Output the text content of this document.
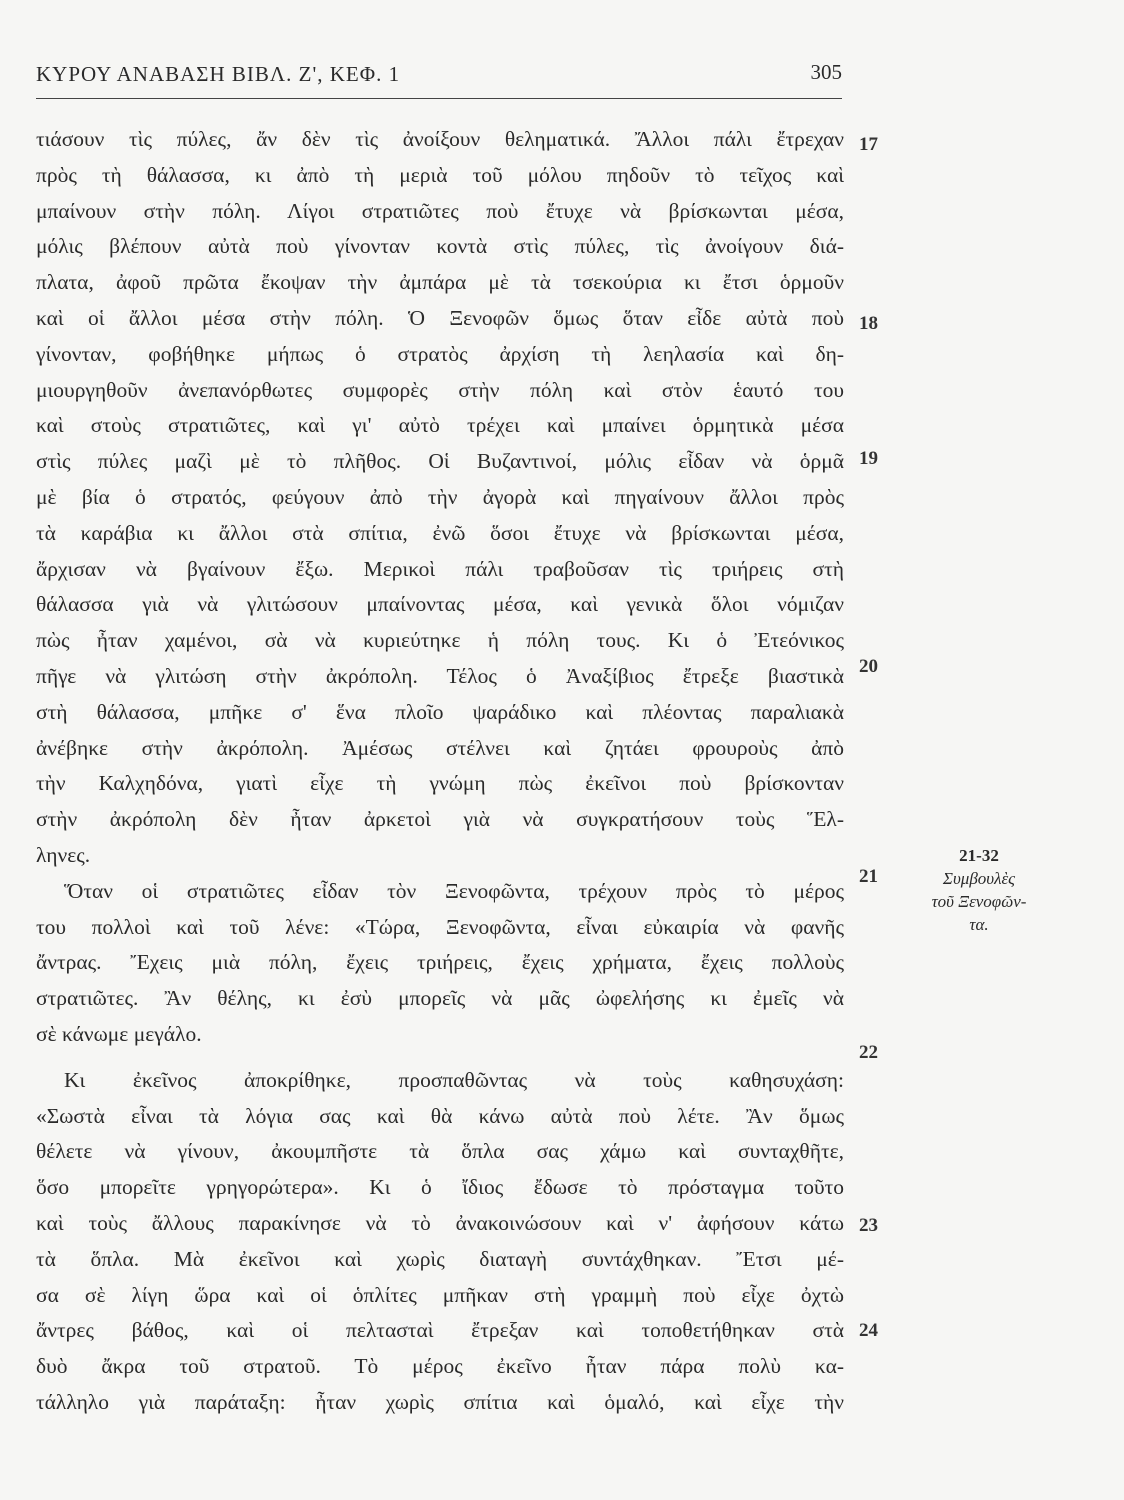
ΚΥΡΟΥ ΑΝΑΒΑΣΗ ΒΙΒΛ. Ζ', ΚΕΦ. 1	305
τιάσουν τὶς πύλες, ἄν δὲν τὶς ἀνοίξουν θεληματικά. Ἄλλοι πάλι ἔτρεχαν
πρὸς τὴ θάλασσα, κι ἀπὸ τὴ μεριὰ τοῦ μόλου πηδοῦν τὸ τεῖχος καὶ
μπαίνουν στὴν πόλη. Λίγοι στρατιῶτες ποὺ ἔτυχε νὰ βρίσκωνται μέσα,
μόλις βλέπουν αὐτὰ ποὺ γίνονταν κοντὰ στὶς πύλες, τὶς ἀνοίγουν διά-
πλατα, ἀφοῦ πρῶτα ἔκοψαν τὴν ἀμπάρα μὲ τὰ τσεκούρια κι ἔτσι ὁρμοῦν
καὶ οἱ ἄλλοι μέσα στὴν πόλη. Ὁ Ξενοφῶν ὅμως ὅταν εἶδε αὐτὰ ποὺ
γίνονταν, φοβήθηκε μήπως ὁ στρατὸς ἀρχίση τὴ λεηλασία καὶ δη-
μιουργηθοῦν ἀνεπανόρθωτες συμφορὲς στὴν πόλη καὶ στὸν ἑαυτό του
καὶ στοὺς στρατιῶτες, καὶ γι' αὐτὸ τρέχει καὶ μπαίνει ὁρμητικὰ μέσα
στὶς πύλες μαζὶ μὲ τὸ πλῆθος. Οἱ Βυζαντινοί, μόλις εἶδαν νὰ ὁρμᾶ
μὲ βία ὁ στρατός, φεύγουν ἀπὸ τὴν ἀγορὰ καὶ πηγαίνουν ἄλλοι πρὸς
τὰ καράβια κι ἄλλοι στὰ σπίτια, ἐνῶ ὅσοι ἔτυχε νὰ βρίσκωνται μέσα,
ἄρχισαν νὰ βγαίνουν ἔξω. Μερικοὶ πάλι τραβοῦσαν τὶς τριήρεις στὴ
θάλασσα γιὰ νὰ γλιτώσουν μπαίνοντας μέσα, καὶ γενικὰ ὅλοι νόμιζαν
πὼς ἦταν χαμένοι, σὰ νὰ κυριεύτηκε ἡ πόλη τους. Κι ὁ Ἐτεόνικος
πῆγε νὰ γλιτώση στὴν ἀκρόπολη. Τέλος ὁ Ἀναξίβιος ἔτρεξε βιαστικὰ
στὴ θάλασσα, μπῆκε σ' ἕνα πλοῖο ψαράδικο καὶ πλέοντας παραλιακὰ
ἀνέβηκε στὴν ἀκρόπολη. Ἀμέσως στέλνει καὶ ζητάει φρουροὺς ἀπὸ
τὴν Καλχηδόνα, γιατὶ εἶχε τὴ γνώμη πὼς ἐκεῖνοι ποὺ βρίσκονταν
στὴν ἀκρόπολη δὲν ἦταν ἀρκετοὶ γιὰ νὰ συγκρατήσουν τοὺς Ἕλ-
ληνες.
Ὅταν οἱ στρατιῶτες εἶδαν τὸν Ξενοφῶντα, τρέχουν πρὸς τὸ μέρος
του πολλοὶ καὶ τοῦ λένε: «Τώρα, Ξενοφῶντα, εἶναι εὐκαιρία νὰ φανῆς
ἄντρας. Ἔχεις μιὰ πόλη, ἔχεις τριήρεις, ἔχεις χρήματα, ἔχεις πολλοὺς
στρατιῶτες. Ἂν θέλης, κι ἐσὺ μπορεῖς νὰ μᾶς ὠφελήσης κι ἐμεῖς νὰ
σὲ κάνωμε μεγάλο.
Κι ἐκεῖνος ἀποκρίθηκε, προσπαθῶντας νὰ τοὺς καθησυχάση:
«Σωστὰ εἶναι τὰ λόγια σας καὶ θὰ κάνω αὐτὰ ποὺ λέτε. Ἂν ὅμως
θέλετε νὰ γίνουν, ἀκουμπῆστε τὰ ὅπλα σας χάμω καὶ συνταχθῆτε,
ὅσο μπορεῖτε γρηγορώτερα». Κι ὁ ἴδιος ἔδωσε τὸ πρόσταγμα τοῦτο
καὶ τοὺς ἄλλους παρακίνησε νὰ τὸ ἀνακοινώσουν καὶ ν' ἀφήσουν κάτω
τὰ ὅπλα. Μὰ ἐκεῖνοι καὶ χωρὶς διαταγὴ συντάχθηκαν. Ἔτσι μέ-
σα σὲ λίγη ὥρα καὶ οἱ ὁπλίτες μπῆκαν στὴ γραμμὴ ποὺ εἶχε ὀχτὼ
ἄντρες βάθος, καὶ οἱ πελτασταὶ ἔτρεξαν καὶ τοποθετήθηκαν στὰ
δυὸ ἄκρα τοῦ στρατοῦ. Τὸ μέρος ἐκεῖνο ἦταν πάρα πολὺ κα-
τάλληλο γιὰ παράταξη: ἦταν χωρὶς σπίτια καὶ ὁμαλό, καὶ εἶχε τὴν
17
18
19
20
21
22
23
24
21-32
Συμβουλὲς
τοῦ Ξενοφῶν-
τα.
